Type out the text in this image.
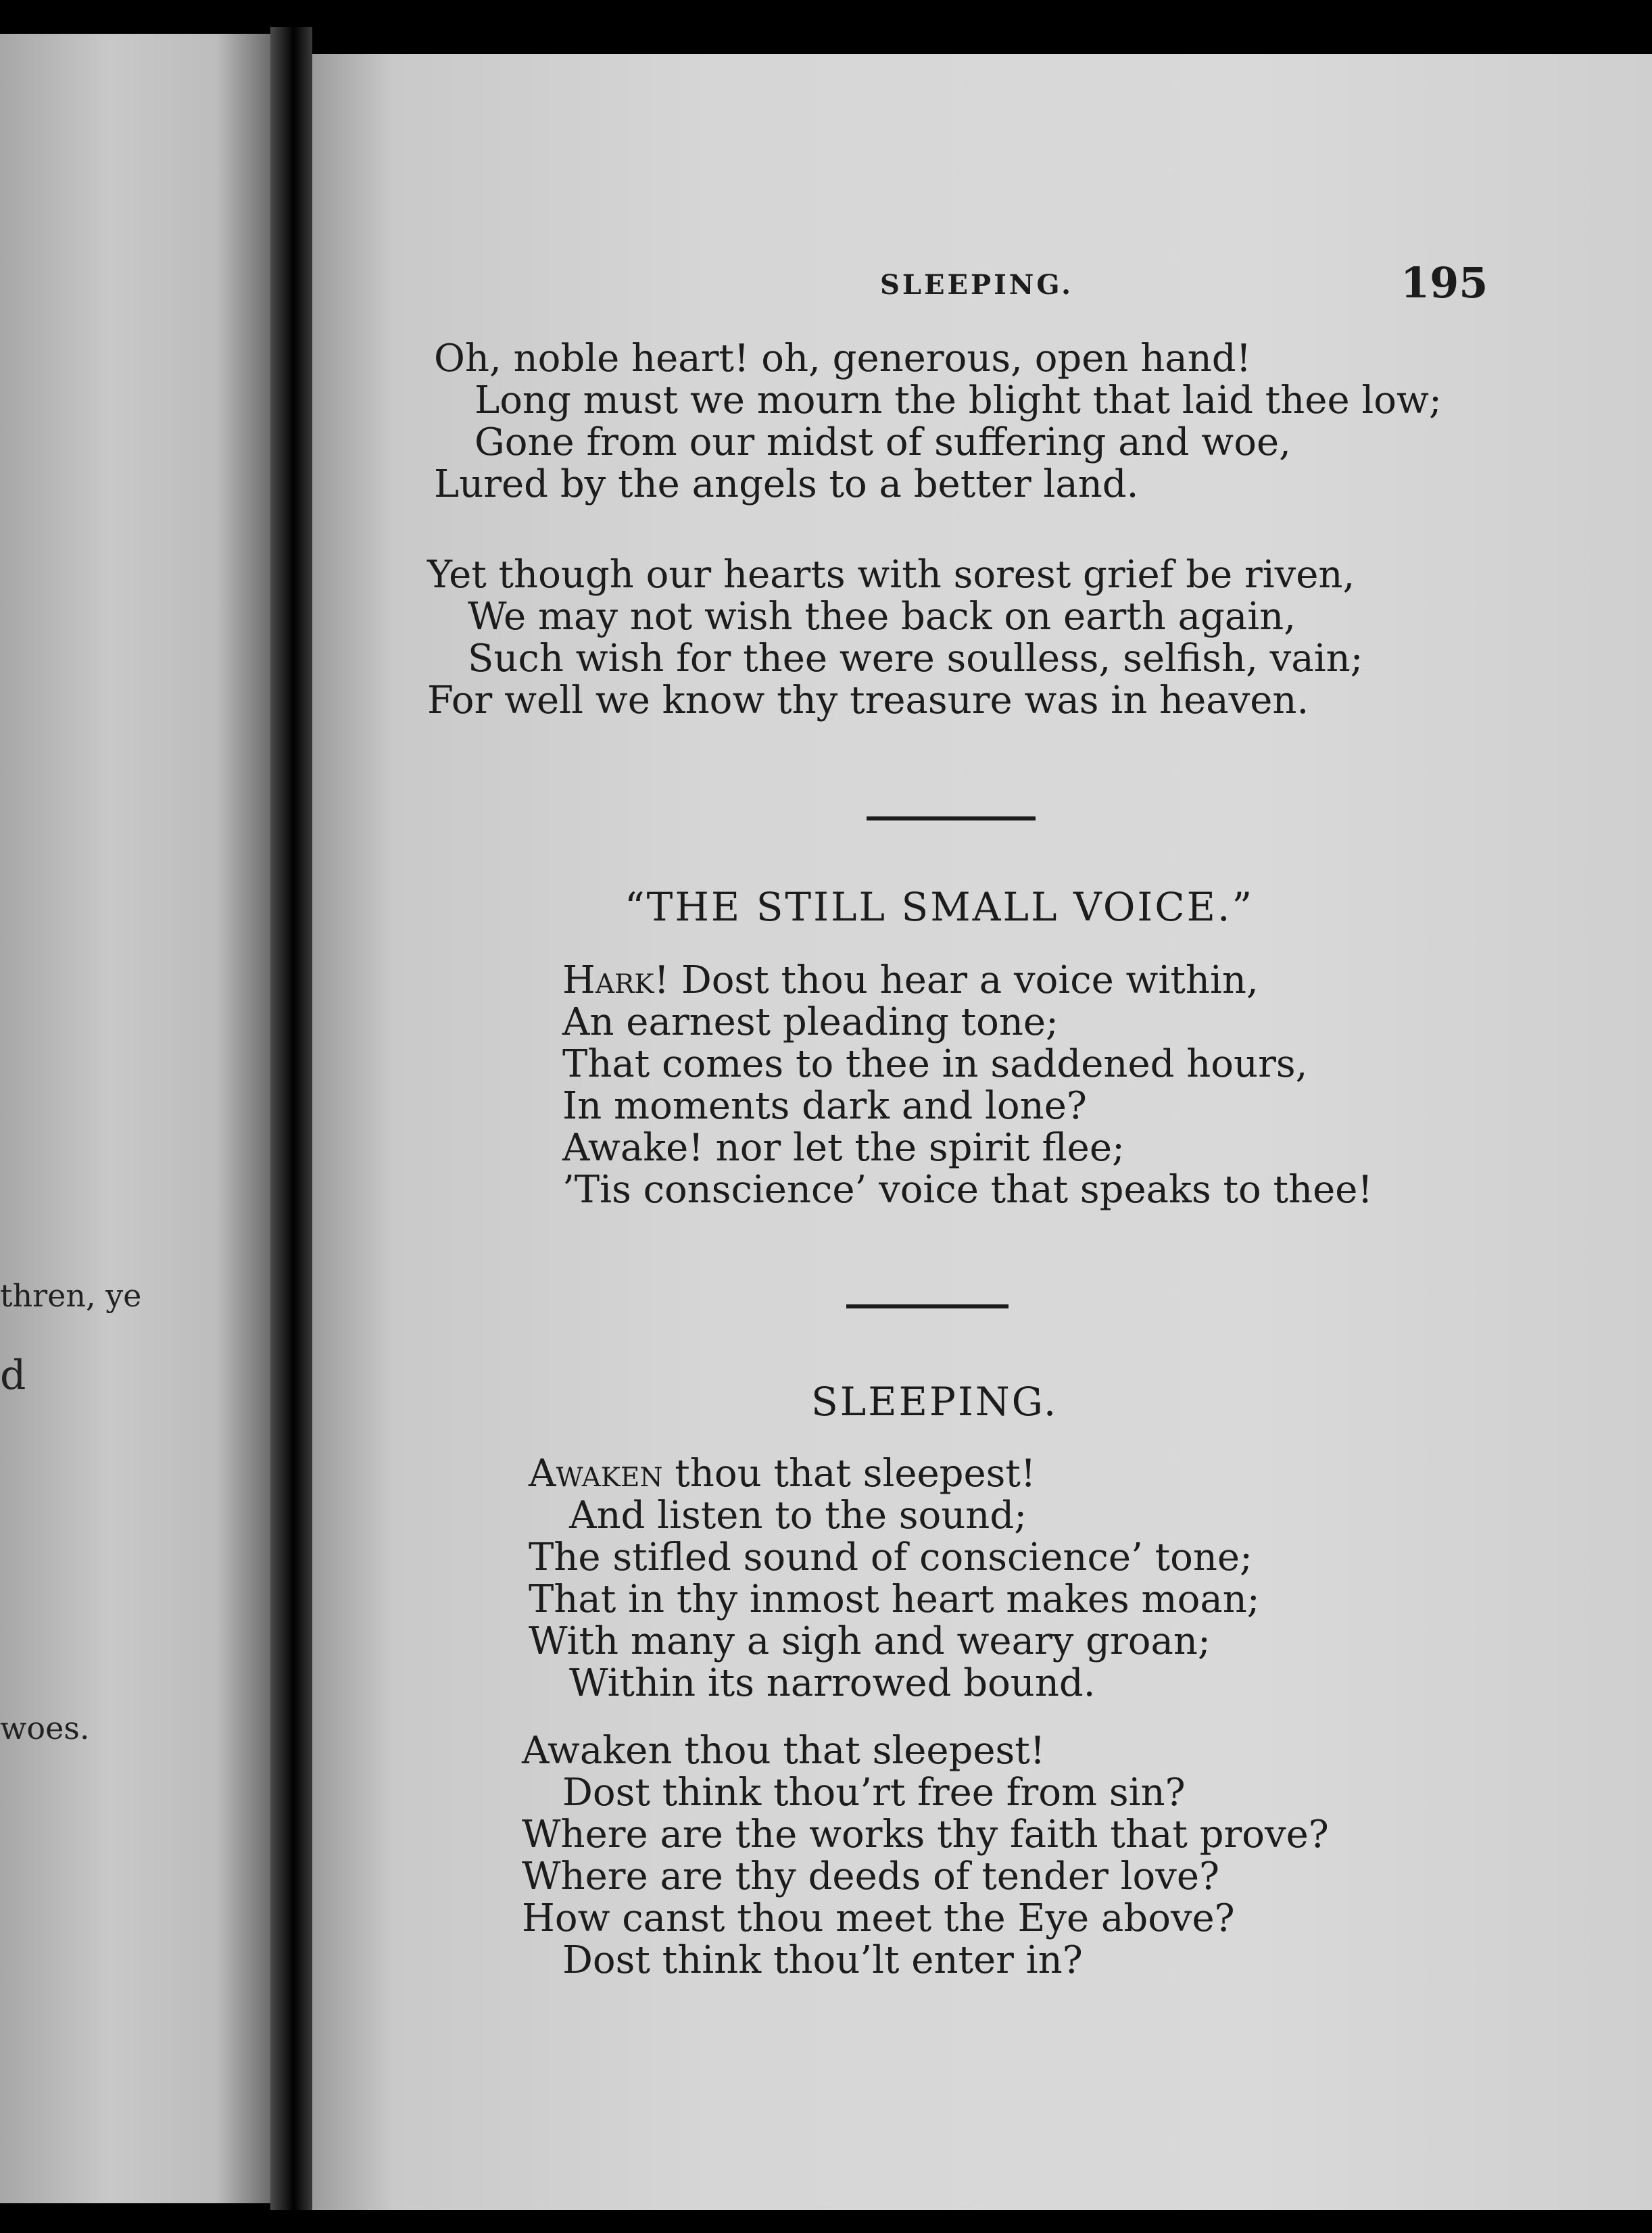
thren, ye

d

woes.

SLEEPING.	195

Oh, noble heart! oh, generous, open hand!
Long must we mourn the blight that laid thee low;
Gone from our midst of suffering and woe,
Lured by the angels to a better land.
Yet though our hearts with sorest grief be riven,
We may not wish thee back on earth again,
Such wish for thee were soulless, selfish, vain;
For well we know thy treasure was in heaven.
“THE STILL SMALL VOICE.”
Hark! Dost thou hear a voice within,
An earnest pleading tone;
That comes to thee in saddened hours,
In moments dark and lone?
Awake! nor let the spirit flee;
’Tis conscience’ voice that speaks to thee!
SLEEPING.
Awaken thou that sleepest!
And listen to the sound;
The stifled sound of conscience’ tone;
That in thy inmost heart makes moan;
With many a sigh and weary groan;
Within its narrowed bound.
Awaken thou that sleepest!
Dost think thou’rt free from sin?
Where are the works thy faith that prove?
Where are thy deeds of tender love?
How canst thou meet the Eye above?
Dost think thou’lt enter in?
